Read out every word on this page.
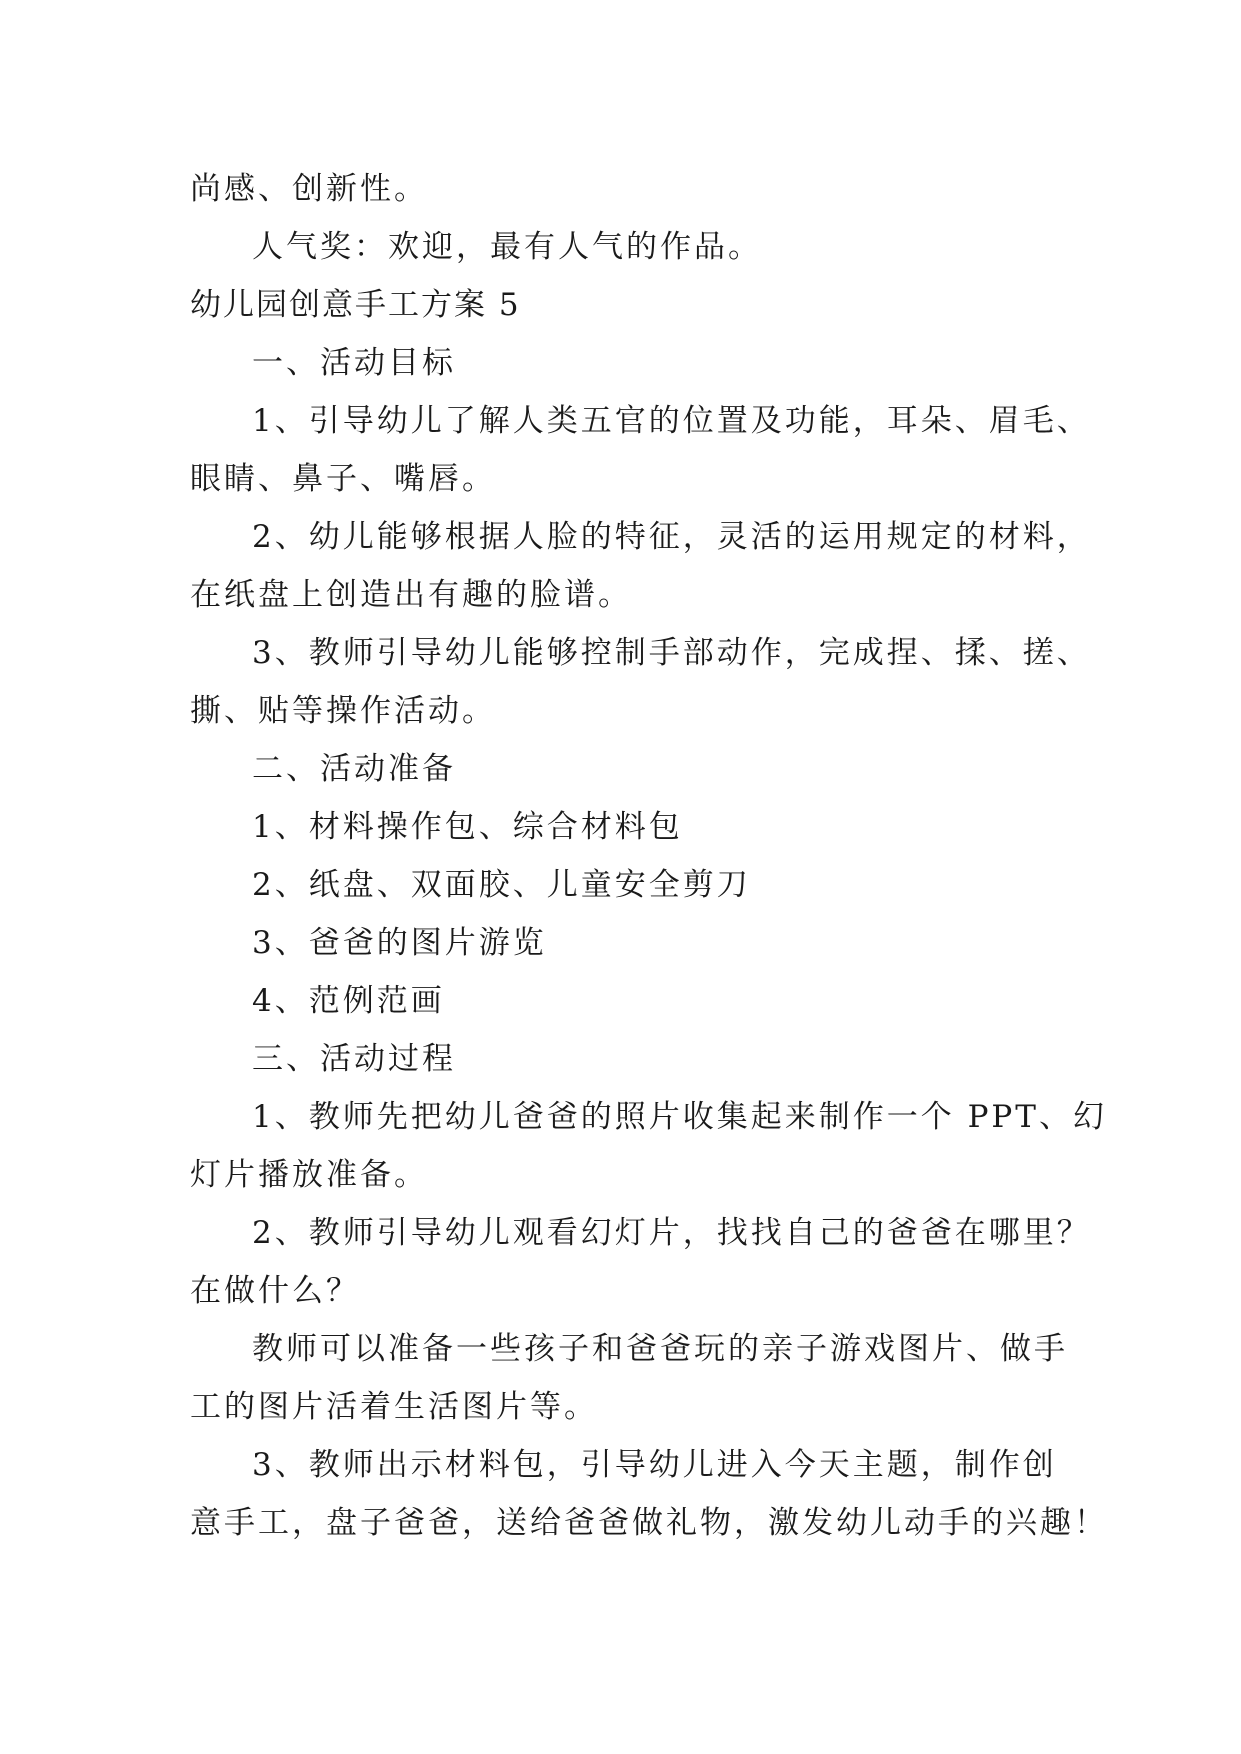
尚感、创新性。
人气奖：欢迎，最有人气的作品。
幼儿园创意手工方案 5
一、活动目标
1、引导幼儿了解人类五官的位置及功能，耳朵、眉毛、
眼睛、鼻子、嘴唇。
2、幼儿能够根据人脸的特征，灵活的运用规定的材料，
在纸盘上创造出有趣的脸谱。
3、教师引导幼儿能够控制手部动作，完成捏、揉、搓、
撕、贴等操作活动。
二、活动准备
1、材料操作包、综合材料包
2、纸盘、双面胶、儿童安全剪刀
3、爸爸的图片游览
4、范例范画
三、活动过程
1、教师先把幼儿爸爸的照片收集起来制作一个 PPT、幻
灯片播放准备。
2、教师引导幼儿观看幻灯片，找找自己的爸爸在哪里？
在做什么？
教师可以准备一些孩子和爸爸玩的亲子游戏图片、做手
工的图片活着生活图片等。
3、教师出示材料包，引导幼儿进入今天主题，制作创
意手工，盘子爸爸，送给爸爸做礼物，激发幼儿动手的兴趣！
